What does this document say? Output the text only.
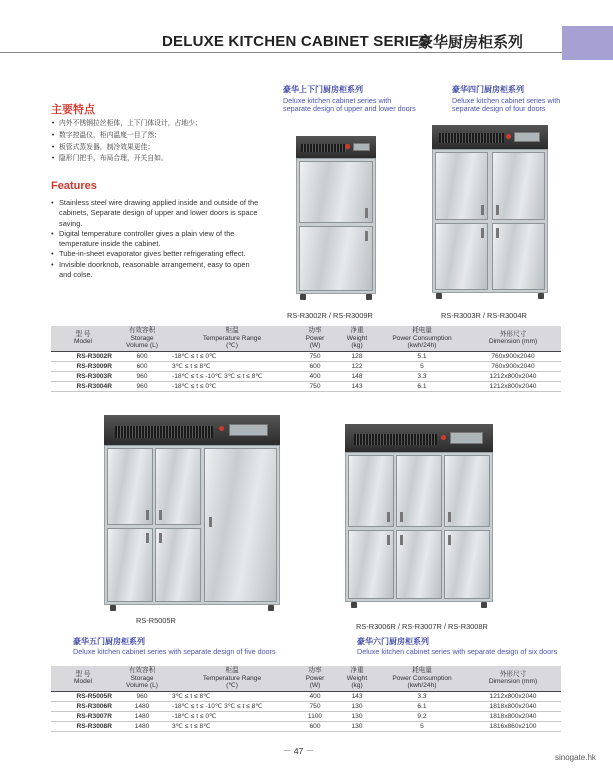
DELUXE KITCHEN CABINET SERIES
豪华厨房柜系列
主要特点
• 内外不锈钢拉丝柜体，上下门体设计，占地少；
• 数字控温仪，柜内温度一目了然；
• 板管式蒸发器，制冷效果更佳；
• 隐形门把手，布局合理，开关自如。
Features
• Stainless steel wire drawing applied inside and outside of the cabinets, Separate design of upper and lower doors is space saving.
• Digital temperature controller gives a plain view of the temperature inside the cabinet.
• Tube-in-sheet evaporator gives better refrigerating effect.
• Invisible doorknob, reasonable arrangement, easy to open and colse.
豪华上下门厨房柜系列
Deluxe kitchen cabinet series with
separate design of upper and lower doors
豪华四门厨房柜系列
Deluxe kitchen cabinet series with
separate design of four doors
RS-R3002R / RS-R3009R	RS-R3003R / RS-R3004R
型 号
Model	有效容积
Storage
Volume (L)	柜温
Temperature Range
(℃)	功率
Power
(W)	净重
Weight
(kg)	耗电量
Power Consumption
(kwh/24h)	外形尺寸
Dimension (mm)

RS-R3002R	600	-18℃ ≤ t ≤ 0℃	750	128	5.1	760x900x2040
RS-R3009R	600	3℃ ≤ t ≤ 8℃	600	122	5	760x900x2040
RS-R3003R	960	-18℃ ≤ t ≤ -10℃ 3℃ ≤ t ≤ 8℃	400	148	3.3	1212x800x2040
RS-R3004R	960	-18℃ ≤ t ≤ 0℃	750	143	6.1	1212x800x2040
RS-R5005R
RS-R3006R / RS-R3007R / RS-R3008R
豪华五门厨房柜系列
Deluxe kitchen cabinet series with separate design of five doors
豪华六门厨房柜系列
Deluxe kitchen cabinet series with separate design of six doors
型 号
Model	有效容积
Storage
Volume (L)	柜温
Temperature Range
(℃)	功率
Power
(W)	净重
Weight
(kg)	耗电量
Power Consumption
(kwh/24h)	外形尺寸
Dimension (mm)

RS-R5005R	960	3℃ ≤ t ≤ 8℃	400	143	3.3	1212x800x2040
RS-R3006R	1480	-18℃ ≤ t ≤ -10℃ 3℃ ≤ t ≤ 8℃	750	130	6.1	1818x800x2040
RS-R3007R	1480	-18℃ ≤ t ≤ 0℃	1100	130	9.2	1818x800x2040
RS-R3008R	1480	3℃ ≤ t ≤ 8℃	600	130	5	1816x860x2100
－ 47 －
sinogate.hk
